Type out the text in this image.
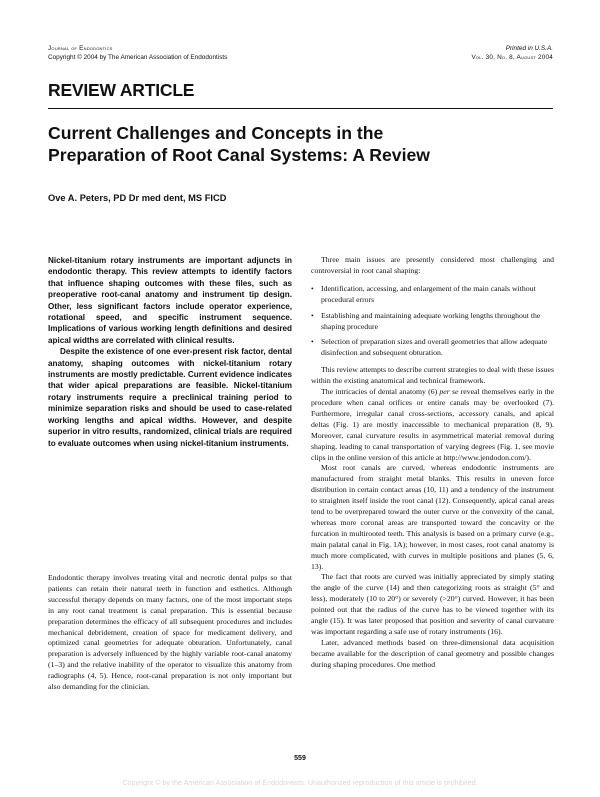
Journal of Endodontics
Copyright © 2004 by The American Association of Endodontists
Printed in U.S.A.
Vol. 30, No. 8, August 2004
REVIEW ARTICLE
Current Challenges and Concepts in the
Preparation of Root Canal Systems: A Review
Ove A. Peters, PD Dr med dent, MS FICD

Nickel-titanium rotary instruments are important adjuncts in endodontic therapy. This review attempts to identify factors that influence shaping outcomes with these files, such as preoperative root-canal anatomy and instrument tip design. Other, less significant factors include operator experience, rotational speed, and specific instrument sequence. Implications of various working length definitions and desired apical widths are correlated with clinical results.

Despite the existence of one ever-present risk factor, dental anatomy, shaping outcomes with nickel-titanium rotary instruments are mostly predictable. Current evidence indicates that wider apical preparations are feasible. Nickel-titanium rotary instruments require a preclinical training period to minimize separation risks and should be used to case-related working lengths and apical widths. However, and despite superior in vitro results, randomized, clinical trials are required to evaluate outcomes when using nickel-titanium instruments.

Endodontic therapy involves treating vital and necrotic dental pulps so that patients can retain their natural teeth in function and esthetics. Although successful therapy depends on many factors, one of the most important steps in any root canal treatment is canal preparation. This is essential because preparation determines the efficacy of all subsequent procedures and includes mechanical debridement, creation of space for medicament delivery, and optimized canal geometries for adequate obturation. Unfortunately, canal preparation is adversely influenced by the highly variable root-canal anatomy (1–3) and the relative inability of the operator to visualize this anatomy from radiographs (4, 5). Hence, root-canal preparation is not only important but also demanding for the clinician.

Three main issues are presently considered most challenging and controversial in root canal shaping:

• Identification, accessing, and enlargement of the main canals without procedural errors
• Establishing and maintaining adequate working lengths throughout the shaping procedure
• Selection of preparation sizes and overall geometries that allow adequate disinfection and subsequent obturation.

This review attempts to describe current strategies to deal with these issues within the existing anatomical and technical framework.

The intricacies of dental anatomy (6) per se reveal themselves early in the procedure when canal orifices or entire canals may be overlooked (7). Furthermore, irregular canal cross-sections, accessory canals, and apical deltas (Fig. 1) are mostly inaccessible to mechanical preparation (8, 9). Moreover, canal curvature results in asymmetrical material removal during shaping, leading to canal transportation of varying degrees (Fig. 1, see movie clips in the online version of this article at http://www.jendodon.com/).

Most root canals are curved, whereas endodontic instruments are manufactured from straight metal blanks. This results in uneven force distribution in certain contact areas (10, 11) and a tendency of the instrument to straighten itself inside the root canal (12). Consequently, apical canal areas tend to be overprepared toward the outer curve or the convexity of the canal, whereas more coronal areas are transported toward the concavity or the furcation in multirooted teeth. This analysis is based on a primary curve (e.g., main palatal canal in Fig. 1A); however, in most cases, root canal anatomy is much more complicated, with curves in multiple positions and planes (5, 6, 13).

The fact that roots are curved was initially appreciated by simply stating the angle of the curve (14) and then categorizing roots as straight (5° and less), moderately (10 to 20°) or severely (>20°) curved. However, it has been pointed out that the radius of the curve has to be viewed together with its angle (15). It was later proposed that position and severity of canal curvature was important regarding a safe use of rotary instruments (16).

Later, advanced methods based on three-dimensional data acquisition became available for the description of canal geometry and possible changes during shaping procedures. One method

559
Copyright © by the American Association of Endodontists. Unauthorized reproduction of this article is prohibited.
